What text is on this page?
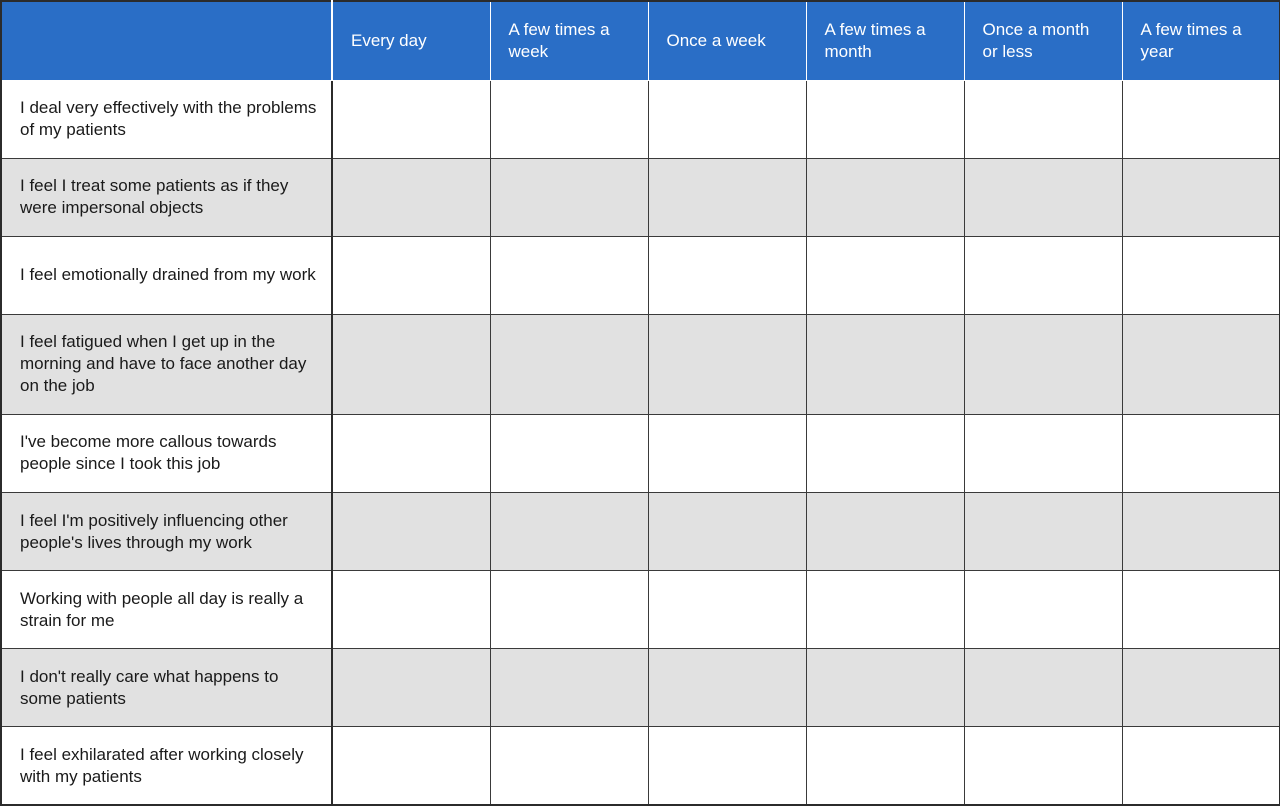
	Every day	A few times a week	Once a week	A few times a month	Once a month or less	A few times a year
I deal very effectively with the problems of my patients						
I feel I treat some patients as if they were impersonal objects						
I feel emotionally drained from my work						
I feel fatigued when I get up in the morning and have to face another day on the job						
I've become more callous towards people since I took this job						
I feel I'm positively influencing other people's lives through my work						
Working with people all day is really a strain for me						
I don't really care what happens to some patients						
I feel exhilarated after working closely with my patients						
